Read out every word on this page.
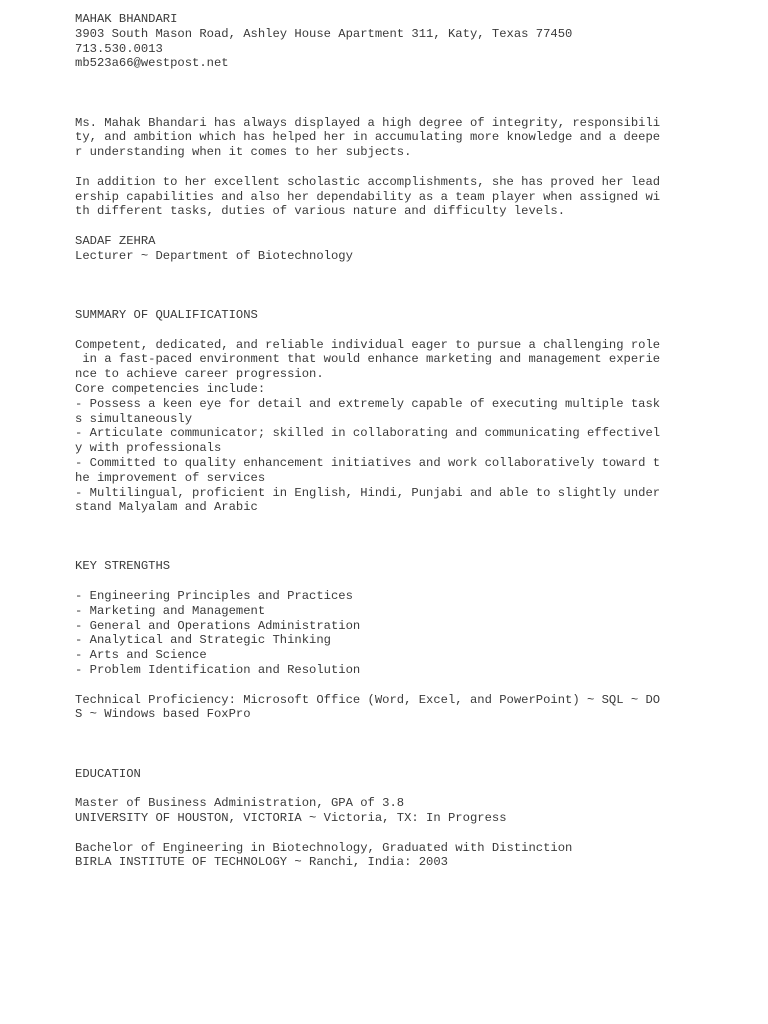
MAHAK BHANDARI
3903 South Mason Road, Ashley House Apartment 311, Katy, Texas 77450
713.530.0013
mb523a66@westpost.net
Ms. Mahak Bhandari has always displayed a high degree of integrity, responsibili
ty, and ambition which has helped her in accumulating more knowledge and a deepe
r understanding when it comes to her subjects.
In addition to her excellent scholastic accomplishments, she has proved her lead
ership capabilities and also her dependability as a team player when assigned wi
th different tasks, duties of various nature and difficulty levels.
SADAF ZEHRA
Lecturer ~ Department of Biotechnology
SUMMARY OF QUALIFICATIONS
Competent, dedicated, and reliable individual eager to pursue a challenging role
in a fast-paced environment that would enhance marketing and management experie
nce to achieve career progression.
Core competencies include:
- Possess a keen eye for detail and extremely capable of executing multiple task
s simultaneously
- Articulate communicator; skilled in collaborating and communicating effectivel
y with professionals
- Committed to quality enhancement initiatives and work collaboratively toward t
he improvement of services
- Multilingual, proficient in English, Hindi, Punjabi and able to slightly under
stand Malyalam and Arabic
KEY STRENGTHS
- Engineering Principles and Practices
- Marketing and Management
- General and Operations Administration
- Analytical and Strategic Thinking
- Arts and Science
- Problem Identification and Resolution
Technical Proficiency: Microsoft Office (Word, Excel, and PowerPoint) ~ SQL ~ DO
S ~ Windows based FoxPro
EDUCATION
Master of Business Administration, GPA of 3.8
UNIVERSITY OF HOUSTON, VICTORIA ~ Victoria, TX: In Progress
Bachelor of Engineering in Biotechnology, Graduated with Distinction
BIRLA INSTITUTE OF TECHNOLOGY ~ Ranchi, India: 2003
